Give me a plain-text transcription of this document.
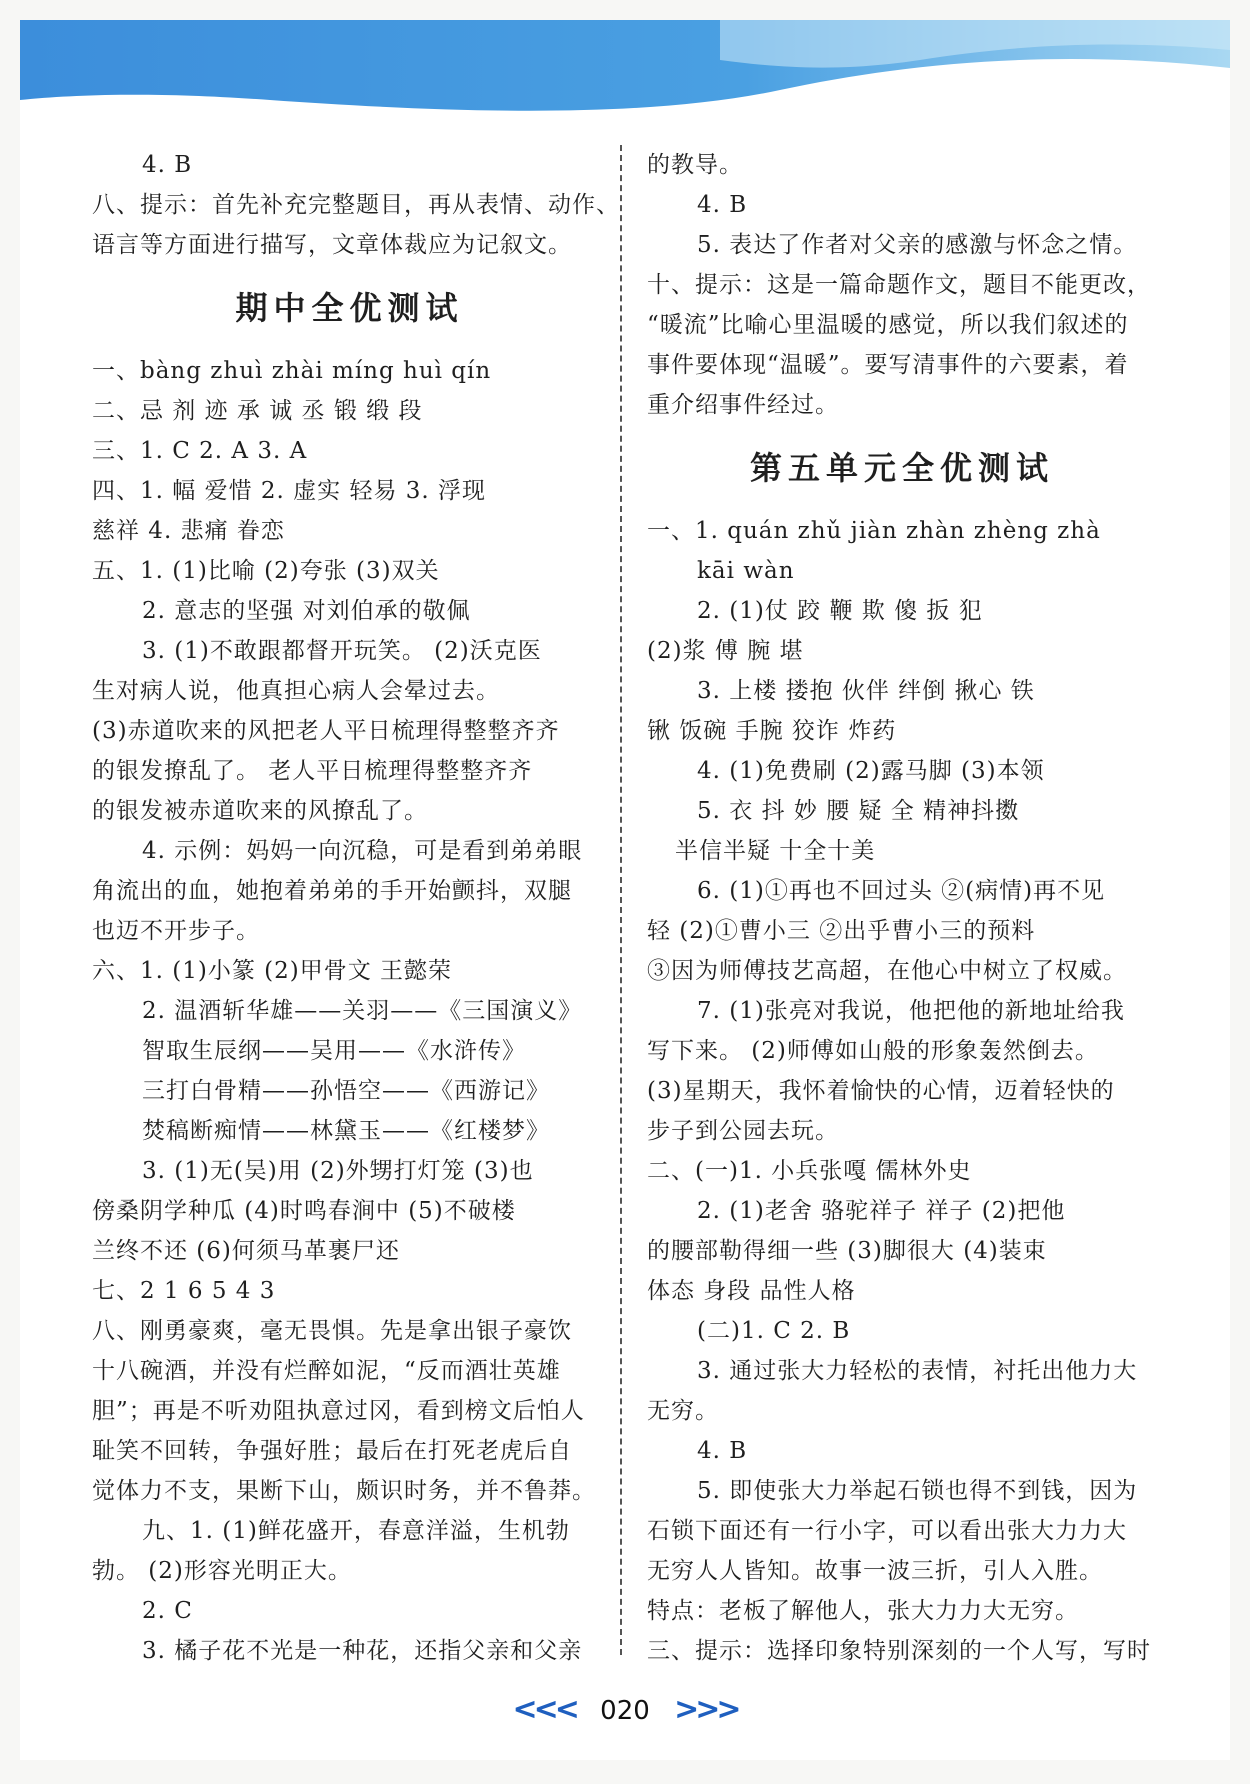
4. B
八、提示：首先补充完整题目，再从表情、动作、
语言等方面进行描写，文章体裁应为记叙文。
期中全优测试
一、bàng zhuì zhài míng huì qín
二、忌 剂 迹 承 诚 丞 锻 缎 段
三、1. C 2. A 3. A
四、1. 幅 爱惜 2. 虚实 轻易 3. 浮现
慈祥 4. 悲痛 眷恋
五、1. (1)比喻 (2)夸张 (3)双关
2. 意志的坚强 对刘伯承的敬佩
3. (1)不敢跟都督开玩笑。 (2)沃克医
生对病人说，他真担心病人会晕过去。
(3)赤道吹来的风把老人平日梳理得整整齐齐
的银发撩乱了。 老人平日梳理得整整齐齐
的银发被赤道吹来的风撩乱了。
4. 示例：妈妈一向沉稳，可是看到弟弟眼
角流出的血，她抱着弟弟的手开始颤抖，双腿
也迈不开步子。
六、1. (1)小篆 (2)甲骨文 王懿荣
2. 温酒斩华雄——关羽——《三国演义》
智取生辰纲——吴用——《水浒传》
三打白骨精——孙悟空——《西游记》
焚稿断痴情——林黛玉——《红楼梦》
3. (1)无(吴)用 (2)外甥打灯笼 (3)也
傍桑阴学种瓜 (4)时鸣春涧中 (5)不破楼
兰终不还 (6)何须马革裹尸还
七、2 1 6 5 4 3
八、刚勇豪爽，毫无畏惧。先是拿出银子豪饮
十八碗酒，并没有烂醉如泥，“反而酒壮英雄
胆”；再是不听劝阻执意过冈，看到榜文后怕人
耻笑不回转，争强好胜；最后在打死老虎后自
觉体力不支，果断下山，颇识时务，并不鲁莽。
九、1. (1)鲜花盛开，春意洋溢，生机勃
勃。 (2)形容光明正大。
2. C
3. 橘子花不光是一种花，还指父亲和父亲
的教导。
4. B
5. 表达了作者对父亲的感激与怀念之情。
十、提示：这是一篇命题作文，题目不能更改，
“暖流”比喻心里温暖的感觉，所以我们叙述的
事件要体现“温暖”。要写清事件的六要素，着
重介绍事件经过。
第五单元全优测试
一、1. quán zhǔ jiàn zhàn zhèng zhà
kāi wàn
2. (1)仗 跤 鞭 欺 傻 扳 犯
(2)浆 傅 腕 堪
3. 上楼 搂抱 伙伴 绊倒 揪心 铁
锹 饭碗 手腕 狡诈 炸药
4. (1)免费刷 (2)露马脚 (3)本领
5. 衣 抖 妙 腰 疑 全 精神抖擞
半信半疑 十全十美
6. (1)①再也不回过头 ②(病情)再不见
轻 (2)①曹小三 ②出乎曹小三的预料
③因为师傅技艺高超，在他心中树立了权威。
7. (1)张亮对我说，他把他的新地址给我
写下来。 (2)师傅如山般的形象轰然倒去。
(3)星期天，我怀着愉快的心情，迈着轻快的
步子到公园去玩。
二、(一)1. 小兵张嘎 儒林外史
2. (1)老舍 骆驼祥子 祥子 (2)把他
的腰部勒得细一些 (3)脚很大 (4)装束
体态 身段 品性人格
(二)1. C 2. B
3. 通过张大力轻松的表情，衬托出他力大
无穷。
4. B
5. 即使张大力举起石锁也得不到钱，因为
石锁下面还有一行小字，可以看出张大力力大
无穷人人皆知。故事一波三折，引人入胜。
特点：老板了解他人，张大力力大无穷。
三、提示：选择印象特别深刻的一个人写，写时
<<< 020 >>>
